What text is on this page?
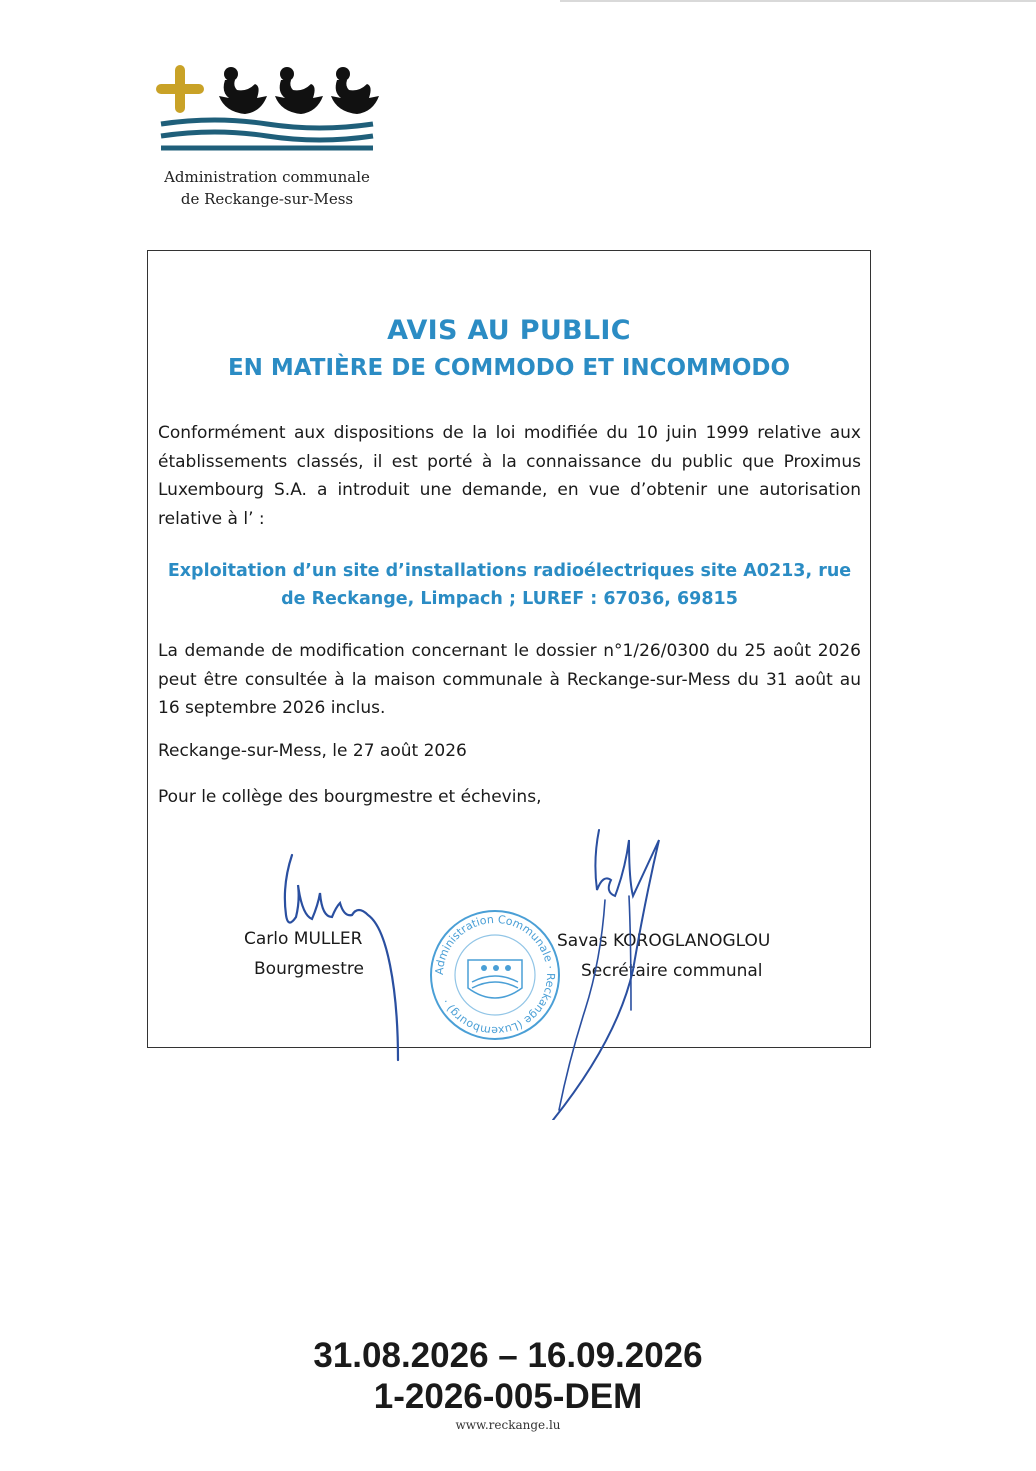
Administration communale
de Reckange-sur-Mess
AVIS AU PUBLIC
EN MATIÈRE DE COMMODO ET INCOMMODO

Conformément aux dispositions de la loi modifiée du 10 juin 1999 relative aux établissements classés, il est porté à la connaissance du public que Proximus Luxembourg S.A. a introduit une demande, en vue d’obtenir une autorisation relative à l’ :

Exploitation d’un site d’installations radioélectriques site A0213, rue de Reckange, Limpach ; LUREF : 67036, 69815

La demande de modification concernant le dossier n°1/26/0300 du 25 août 2026 peut être consultée à la maison communale à Reckange-sur-Mess du 31 août au 16 septembre 2026 inclus.

Reckange-sur-Mess, le 27 août 2026

Pour le collège des bourgmestre et échevins,

Carlo MULLER
Bourgmestre
Savas KOROGLANOGLOU
Secrétaire communal
Administration Communale · Reckange (Luxembourg) ·
31.08.2026 – 16.09.2026
1-2026-005-DEM
www.reckange.lu
